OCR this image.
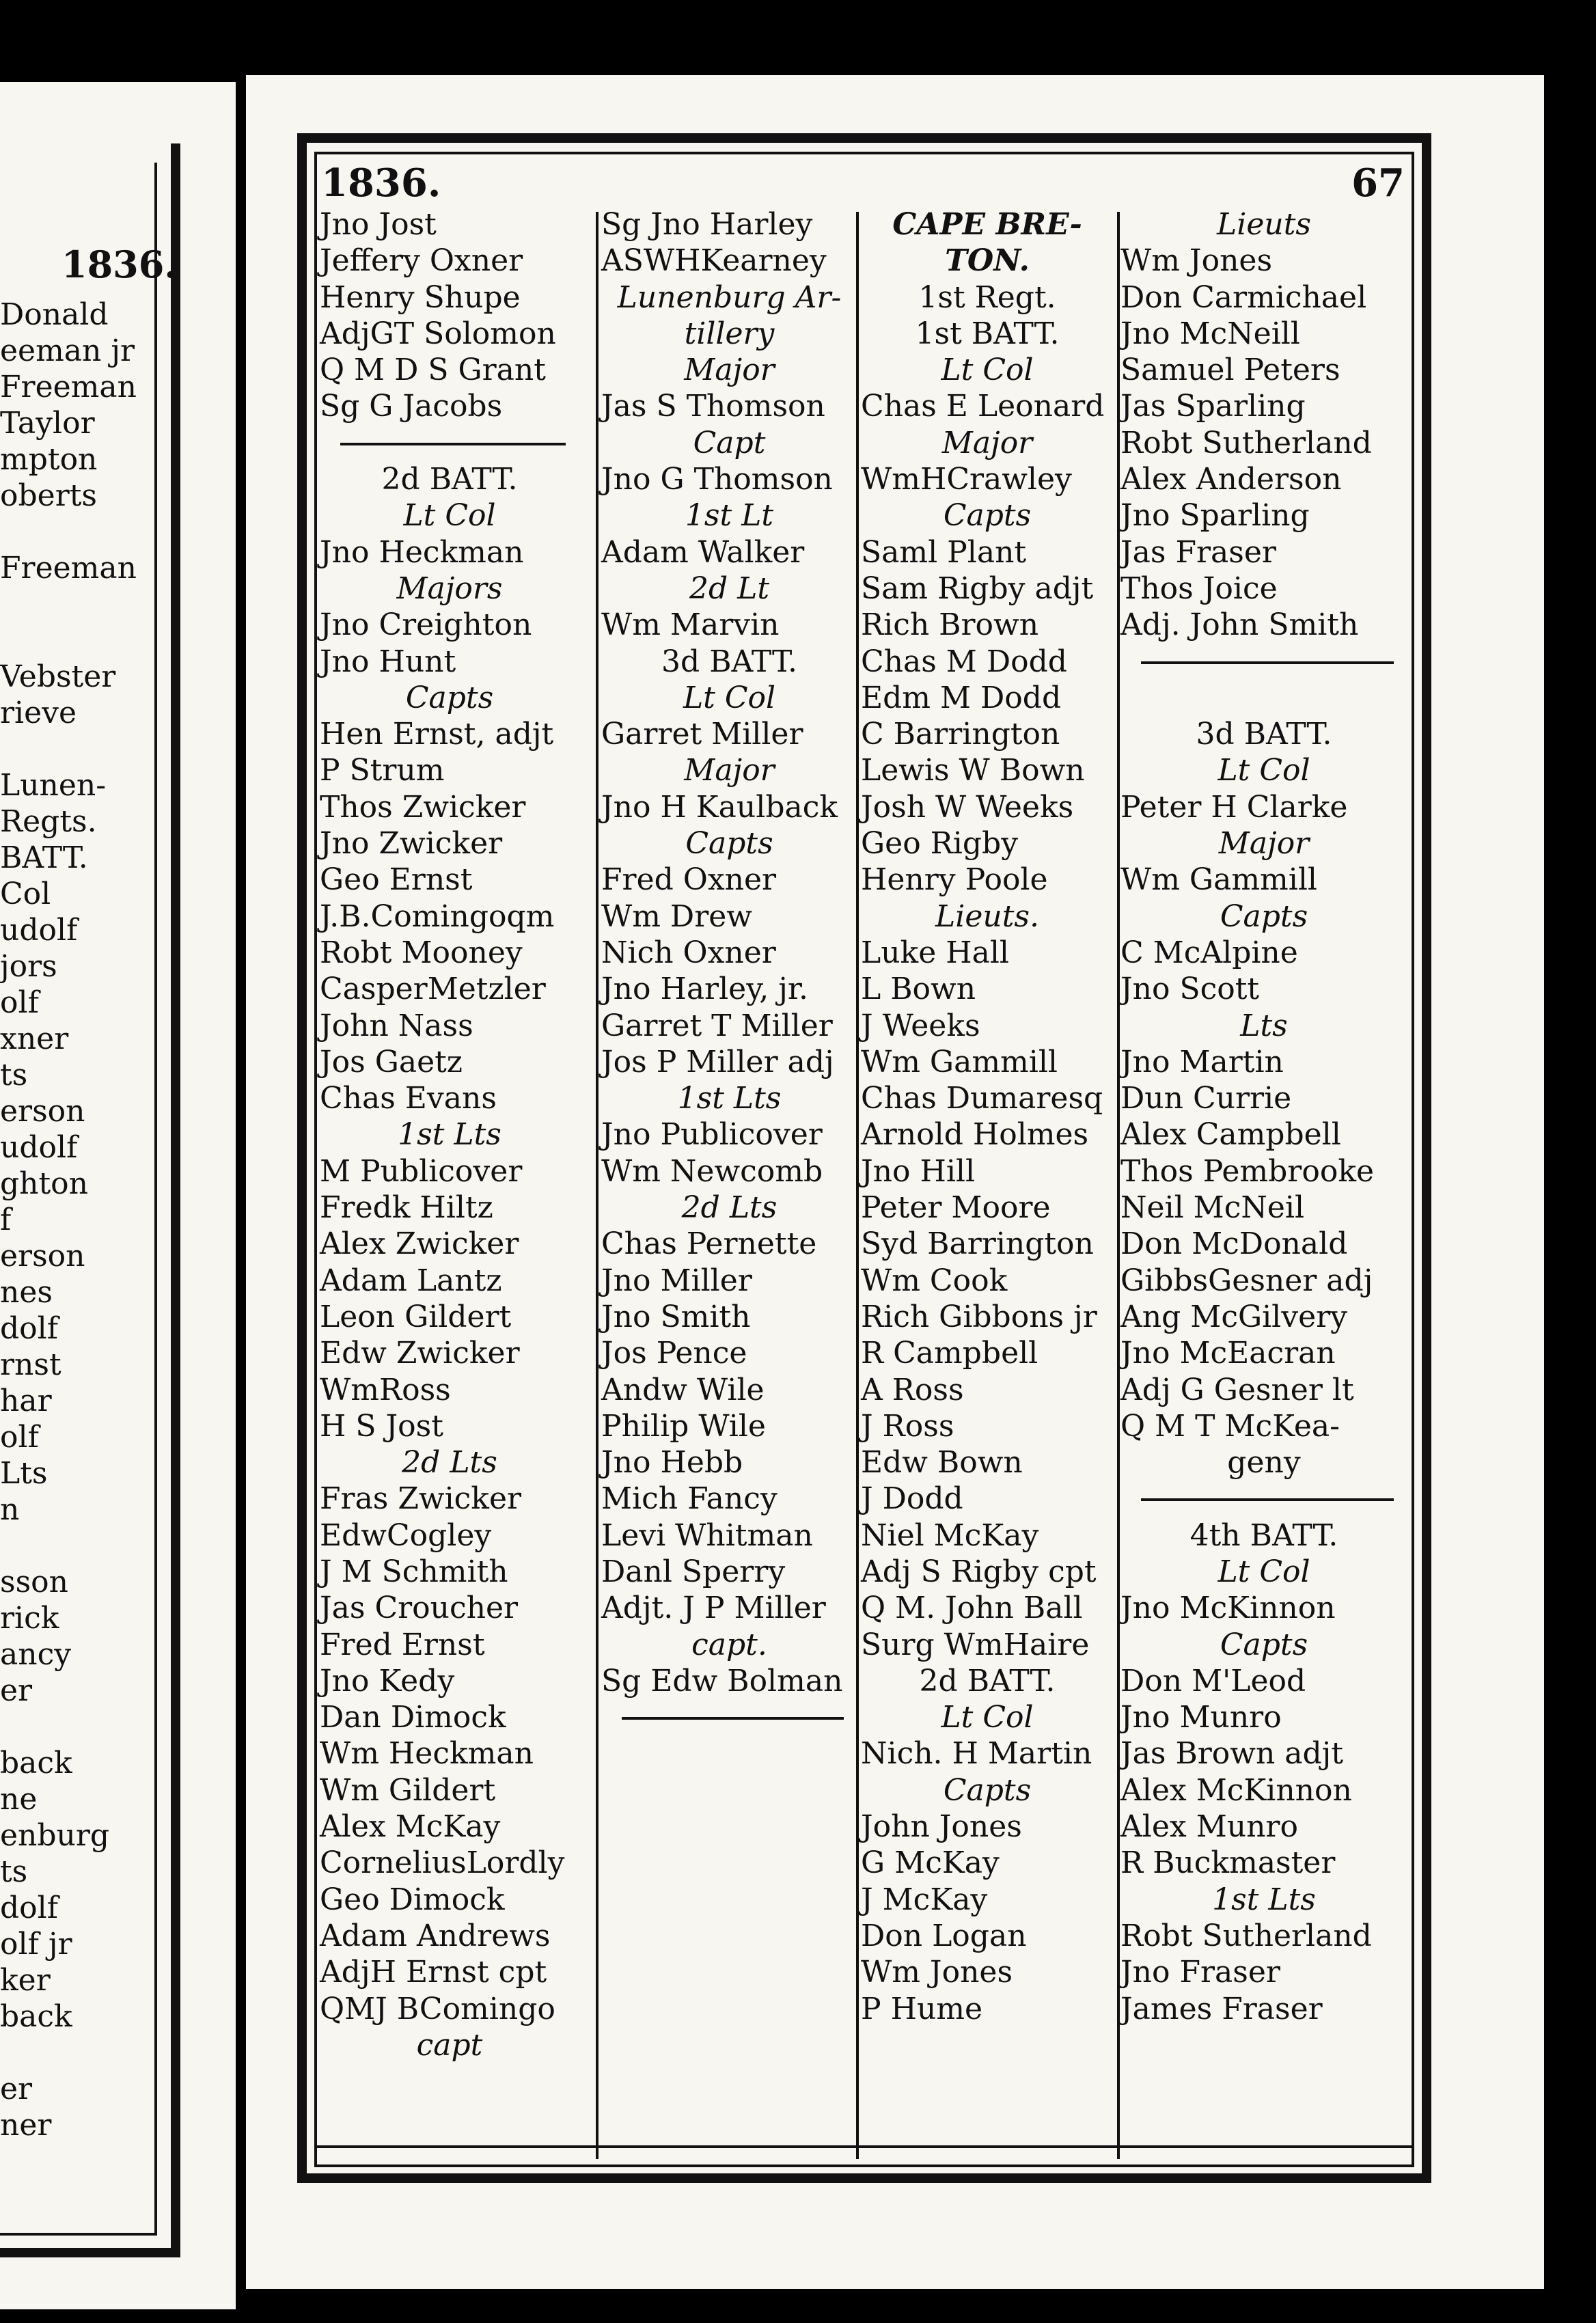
1836.
Donald
eeman jr
Freeman
Taylor
mpton
oberts
Freeman
Vebster
rieve
Lunen-
Regts.
BATT.
Col
udolf
jors
olf
xner
ts
erson
udolf
ghton
f
erson
nes
dolf
rnst
har
olf
Lts
n
sson
rick
ancy
er
back
ne
enburg
ts
dolf
olf jr
ker
back
er
ner
1836.	67
Jno Jost
Jeffery Oxner
Henry Shupe
AdjGT Solomon
Q M D S Grant
Sg G Jacobs
2d BATT.
Lt Col
Jno Heckman
Majors
Jno Creighton
Jno Hunt
Capts
Hen Ernst, adjt
P Strum
Thos Zwicker
Jno Zwicker
Geo Ernst
J.B.Comingoqm
Robt Mooney
CasperMetzler
John Nass
Jos Gaetz
Chas Evans
1st Lts
M Publicover
Fredk Hiltz
Alex Zwicker
Adam Lantz
Leon Gildert
Edw Zwicker
WmRoss
H S Jost
2d Lts
Fras Zwicker
EdwCogley
J M Schmith
Jas Croucher
Fred Ernst
Jno Kedy
Dan Dimock
Wm Heckman
Wm Gildert
Alex McKay
CorneliusLordly
Geo Dimock
Adam Andrews
AdjH Ernst cpt
QMJ BComingo
capt
Sg Jno Harley
ASWHKearney
Lunenburg Ar-
tillery
Major
Jas S Thomson
Capt
Jno G Thomson
1st Lt
Adam Walker
2d Lt
Wm Marvin
3d BATT.
Lt Col
Garret Miller
Major
Jno H Kaulback
Capts
Fred Oxner
Wm Drew
Nich Oxner
Jno Harley, jr.
Garret T Miller
Jos P Miller adj
1st Lts
Jno Publicover
Wm Newcomb
2d Lts
Chas Pernette
Jno Miller
Jno Smith
Jos Pence
Andw Wile
Philip Wile
Jno Hebb
Mich Fancy
Levi Whitman
Danl Sperry
Adjt. J P Miller
capt.
Sg Edw Bolman
CAPE BRE-
TON.
1st Regt.
1st BATT.
Lt Col
Chas E Leonard
Major
WmHCrawley
Capts
Saml Plant
Sam Rigby adjt
Rich Brown
Chas M Dodd
Edm M Dodd
C Barrington
Lewis W Bown
Josh W Weeks
Geo Rigby
Henry Poole
Lieuts.
Luke Hall
L Bown
J Weeks
Wm Gammill
Chas Dumaresq
Arnold Holmes
Jno Hill
Peter Moore
Syd Barrington
Wm Cook
Rich Gibbons jr
R Campbell
A Ross
J Ross
Edw Bown
J Dodd
Niel McKay
Adj S Rigby cpt
Q M. John Ball
Surg WmHaire
2d BATT.
Lt Col
Nich. H Martin
Capts
John Jones
G McKay
J McKay
Don Logan
Wm Jones
P Hume
Lieuts
Wm Jones
Don Carmichael
Jno McNeill
Samuel Peters
Jas Sparling
Robt Sutherland
Alex Anderson
Jno Sparling
Jas Fraser
Thos Joice
Adj. John Smith
3d BATT.
Lt Col
Peter H Clarke
Major
Wm Gammill
Capts
C McAlpine
Jno Scott
Lts
Jno Martin
Dun Currie
Alex Campbell
Thos Pembrooke
Neil McNeil
Don McDonald
GibbsGesner adj
Ang McGilvery
Jno McEacran
Adj G Gesner lt
Q M T McKea-
geny
4th BATT.
Lt Col
Jno McKinnon
Capts
Don M'Leod
Jno Munro
Jas Brown adjt
Alex McKinnon
Alex Munro
R Buckmaster
1st Lts
Robt Sutherland
Jno Fraser
James Fraser
